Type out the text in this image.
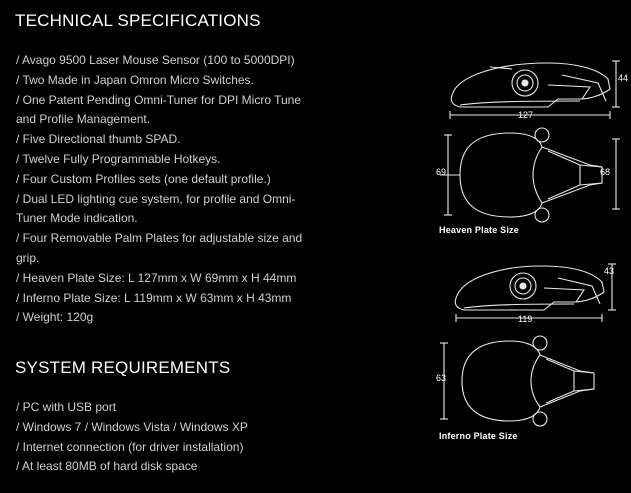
TECHNICAL SPECIFICATIONS
/ Avago 9500 Laser Mouse Sensor (100 to 5000DPI)
/ Two Made in Japan Omron Micro Switches.
/ One Patent Pending Omni-Tuner for DPI Micro Tune and Profile Management.
/ Five Directional thumb SPAD.
/ Twelve Fully Programmable Hotkeys.
/ Four Custom Profiles sets (one default profile.)
/ Dual LED lighting cue system, for profile and Omni-Tuner Mode indication.
/ Four Removable Palm Plates for adjustable size and grip.
/ Heaven Plate Size: L 127mm x W 69mm x H 44mm
/ Inferno Plate Size: L 119mm x W 63mm x H 43mm
/ Weight: 120g
SYSTEM REQUIREMENTS
/ PC with USB port
/ Windows 7 / Windows Vista / Windows XP
/ Internet connection (for driver installation)
/ At least 80MB of hard disk space
127
44
69	68
Heaven Plate Size
119
43
63
Inferno Plate Size
